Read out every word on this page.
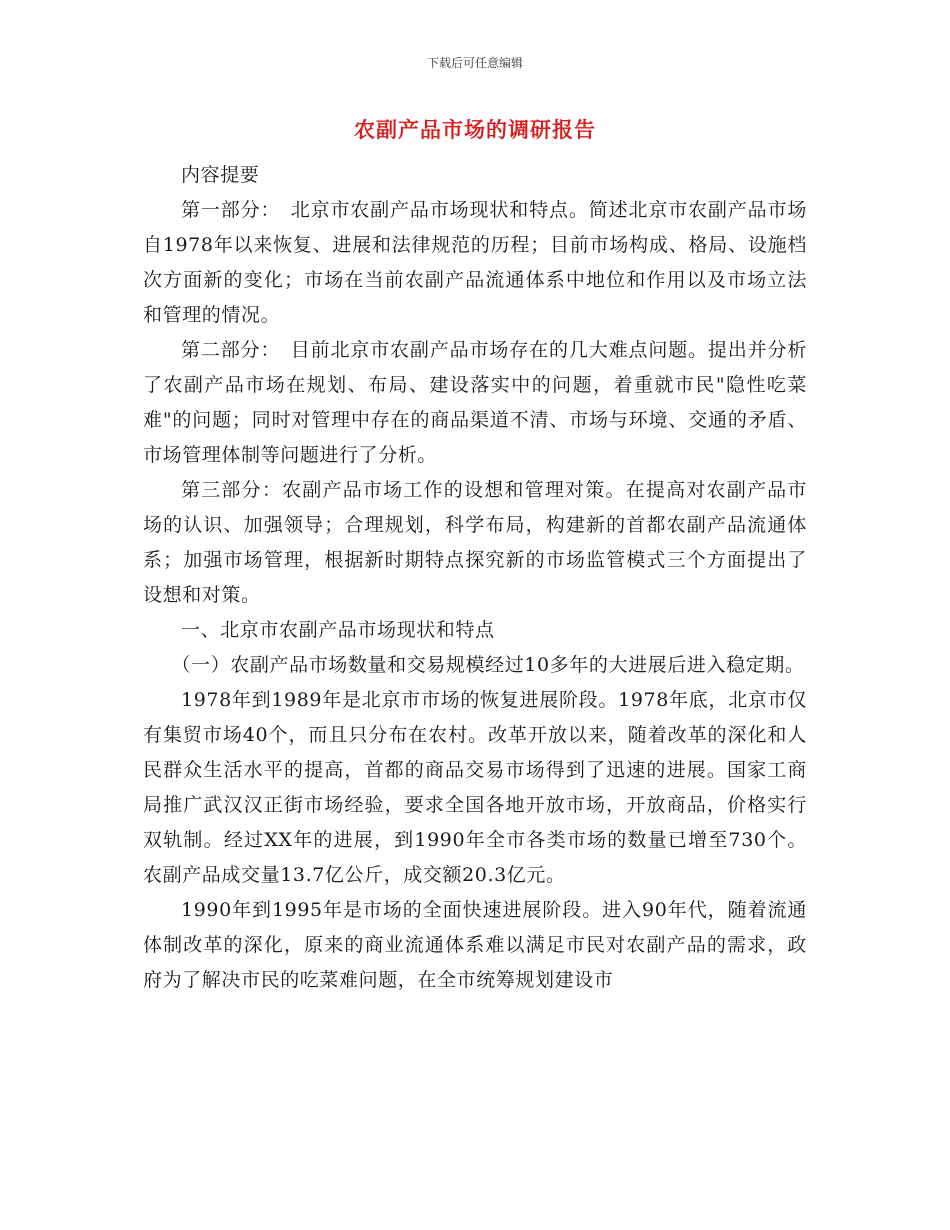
下载后可任意编辑
农副产品市场的调研报告

内容提要

第一部分：　北京市农副产品市场现状和特点。简述北京市农副产品市场自1978年以来恢复、进展和法律规范的历程；目前市场构成、格局、设施档次方面新的变化；市场在当前农副产品流通体系中地位和作用以及市场立法和管理的情况。

第二部分：　目前北京市农副产品市场存在的几大难点问题。提出并分析了农副产品市场在规划、布局、建设落实中的问题，着重就市民"隐性吃菜难"的问题；同时对管理中存在的商品渠道不清、市场与环境、交通的矛盾、市场管理体制等问题进行了分析。

第三部分：农副产品市场工作的设想和管理对策。在提高对农副产品市场的认识、加强领导；合理规划，科学布局，构建新的首都农副产品流通体系；加强市场管理，根据新时期特点探究新的市场监管模式三个方面提出了设想和对策。

一、北京市农副产品市场现状和特点

（一）农副产品市场数量和交易规模经过10多年的大进展后进入稳定期。

1978年到1989年是北京市市场的恢复进展阶段。1978年底，北京市仅有集贸市场40个，而且只分布在农村。改革开放以来，随着改革的深化和人民群众生活水平的提高，首都的商品交易市场得到了迅速的进展。国家工商局推广武汉汉正街市场经验，要求全国各地开放市场，开放商品，价格实行双轨制。经过XX年的进展，到1990年全市各类市场的数量已增至730个。农副产品成交量13.7亿公斤，成交额20.3亿元。

1990年到1995年是市场的全面快速进展阶段。进入90年代，随着流通体制改革的深化，原来的商业流通体系难以满足市民对农副产品的需求，政府为了解决市民的吃菜难问题，在全市统筹规划建设市
